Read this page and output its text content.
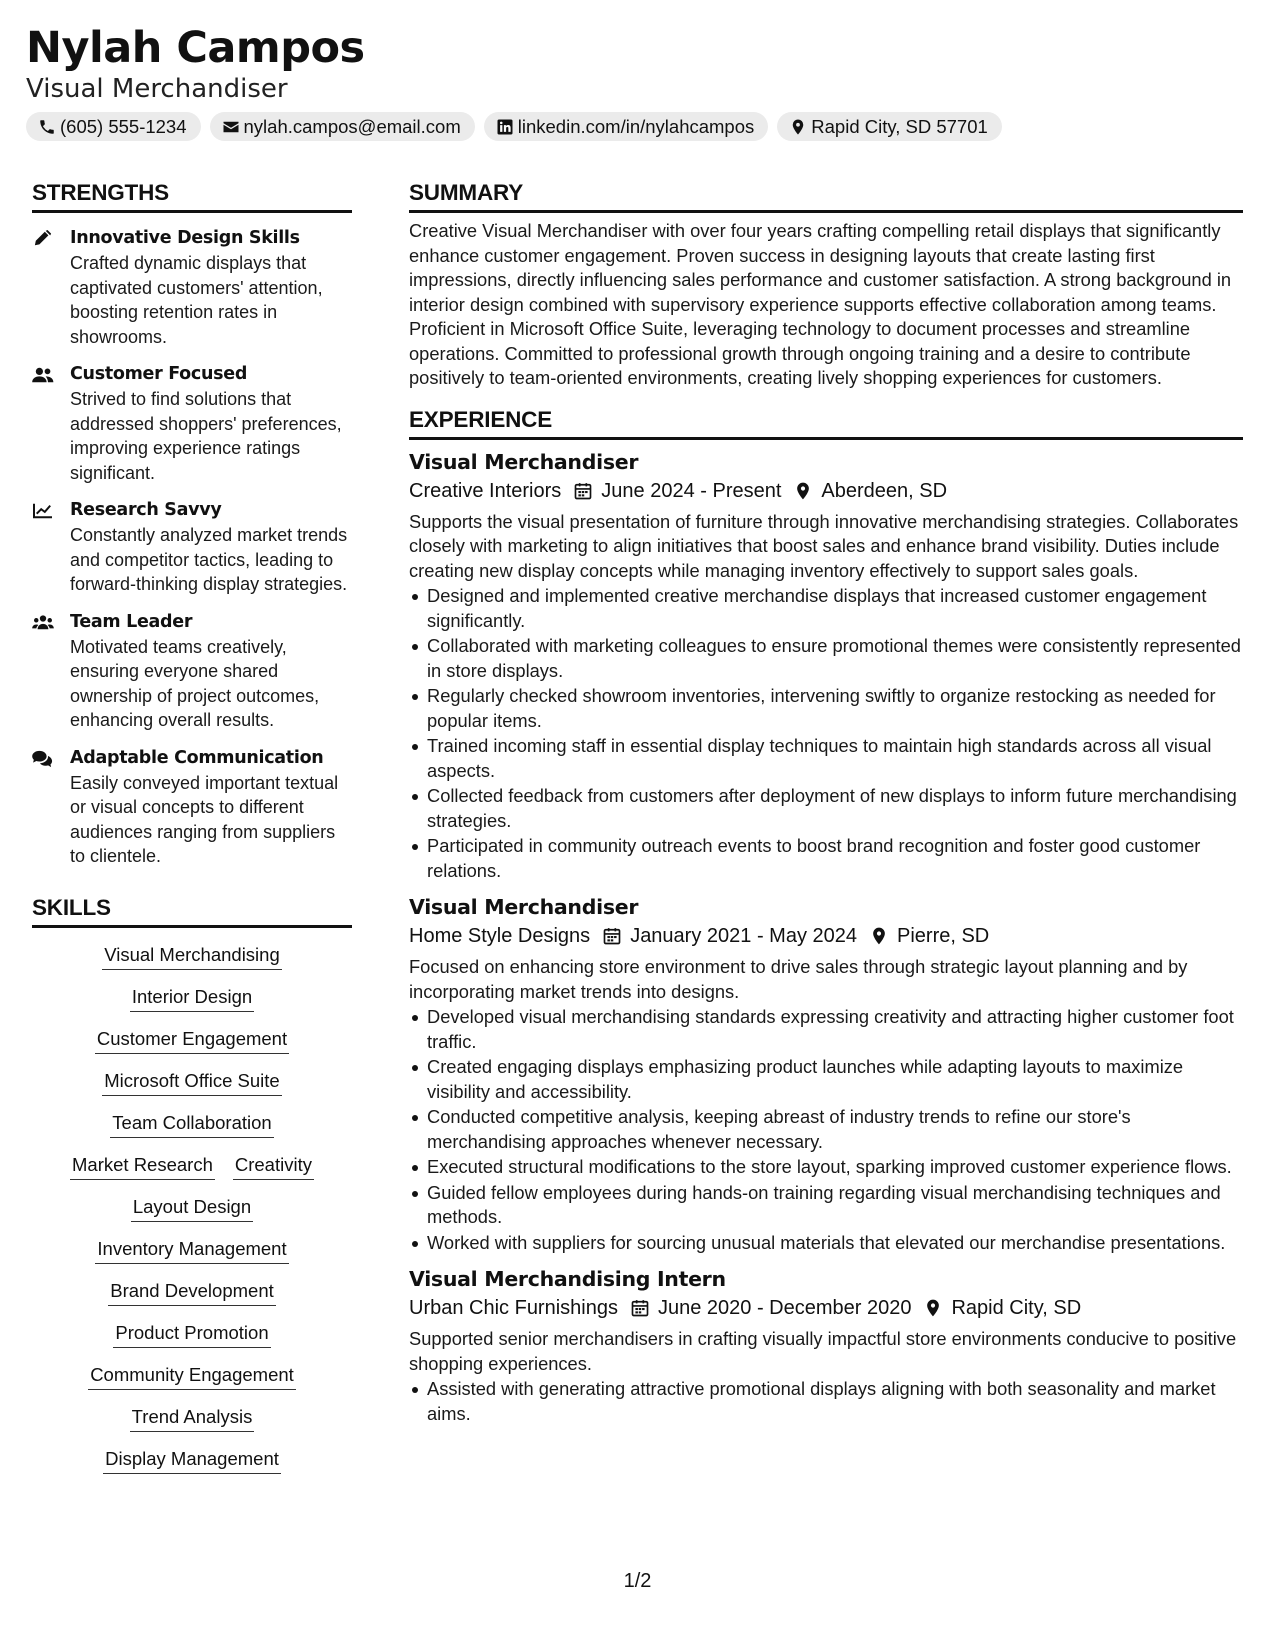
Nylah Campos
Visual Merchandiser
(605) 555-1234	nylah.campos@email.com	linkedin.com/in/nylahcampos	Rapid City, SD 57701
STRENGTHS
Innovative Design Skills
Crafted dynamic displays that captivated customers' attention, boosting retention rates in showrooms.
Customer Focused
Strived to find solutions that addressed shoppers' preferences, improving experience ratings significant.
Research Savvy
Constantly analyzed market trends and competitor tactics, leading to forward-thinking display strategies.
Team Leader
Motivated teams creatively, ensuring everyone shared ownership of project outcomes, enhancing overall results.
Adaptable Communication
Easily conveyed important textual or visual concepts to different audiences ranging from suppliers to clientele.
SKILLS
Visual Merchandising
Interior Design
Customer Engagement
Microsoft Office Suite
Team Collaboration
Market Research Creativity
Layout Design
Inventory Management
Brand Development
Product Promotion
Community Engagement
Trend Analysis
Display Management
SUMMARY
Creative Visual Merchandiser with over four years crafting compelling retail displays that significantly enhance customer engagement. Proven success in designing layouts that create lasting first impressions, directly influencing sales performance and customer satisfaction. A strong background in interior design combined with supervisory experience supports effective collaboration among teams. Proficient in Microsoft Office Suite, leveraging technology to document processes and streamline operations. Committed to professional growth through ongoing training and a desire to contribute positively to team-oriented environments, creating lively shopping experiences for customers.
EXPERIENCE
Visual Merchandiser
Creative Interiors June 2024 - Present Aberdeen, SD
Supports the visual presentation of furniture through innovative merchandising strategies. Collaborates closely with marketing to align initiatives that boost sales and enhance brand visibility. Duties include creating new display concepts while managing inventory effectively to support sales goals.
Designed and implemented creative merchandise displays that increased customer engagement significantly.
Collaborated with marketing colleagues to ensure promotional themes were consistently represented in store displays.
Regularly checked showroom inventories, intervening swiftly to organize restocking as needed for popular items.
Trained incoming staff in essential display techniques to maintain high standards across all visual aspects.
Collected feedback from customers after deployment of new displays to inform future merchandising strategies.
Participated in community outreach events to boost brand recognition and foster good customer relations.
Visual Merchandiser
Home Style Designs January 2021 - May 2024 Pierre, SD
Focused on enhancing store environment to drive sales through strategic layout planning and by incorporating market trends into designs.
Developed visual merchandising standards expressing creativity and attracting higher customer foot traffic.
Created engaging displays emphasizing product launches while adapting layouts to maximize visibility and accessibility.
Conducted competitive analysis, keeping abreast of industry trends to refine our store's merchandising approaches whenever necessary.
Executed structural modifications to the store layout, sparking improved customer experience flows.
Guided fellow employees during hands-on training regarding visual merchandising techniques and methods.
Worked with suppliers for sourcing unusual materials that elevated our merchandise presentations.
Visual Merchandising Intern
Urban Chic Furnishings June 2020 - December 2020 Rapid City, SD
Supported senior merchandisers in crafting visually impactful store environments conducive to positive shopping experiences.
Assisted with generating attractive promotional displays aligning with both seasonality and market aims.
1/2
